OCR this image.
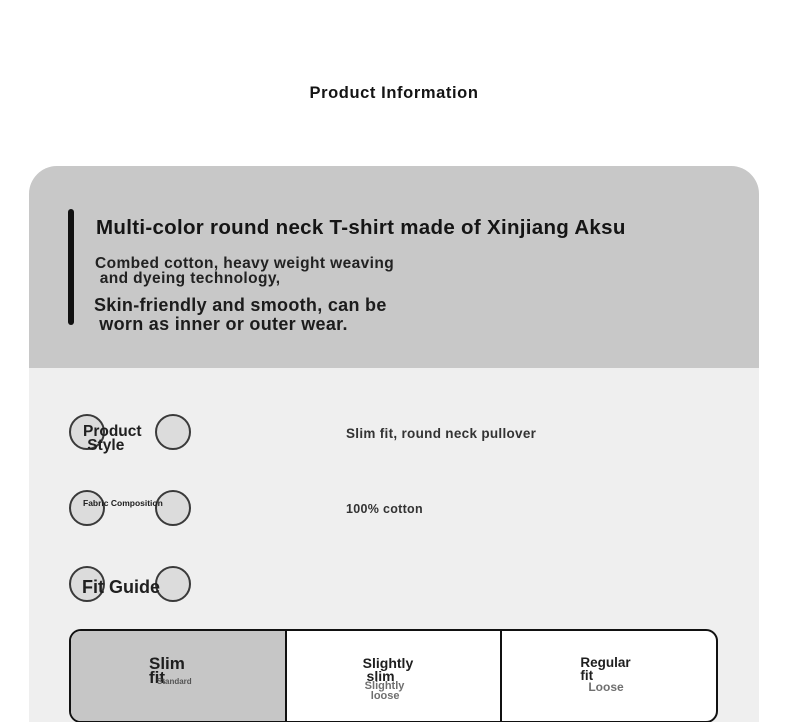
Product Information
Multi-color round neck T-shirt made of Xinjiang Aksu
Combed cotton, heavy weight weaving
and dyeing technology,
Skin-friendly and smooth, can be
worn as inner or outer wear.
Product
Style
Slim fit, round neck pullover
Fabric Composition	100% cotton
Fit Guide
Slim
fit
Standard
Slightly
slim
Slightly
loose
Regular
fit
Loose
